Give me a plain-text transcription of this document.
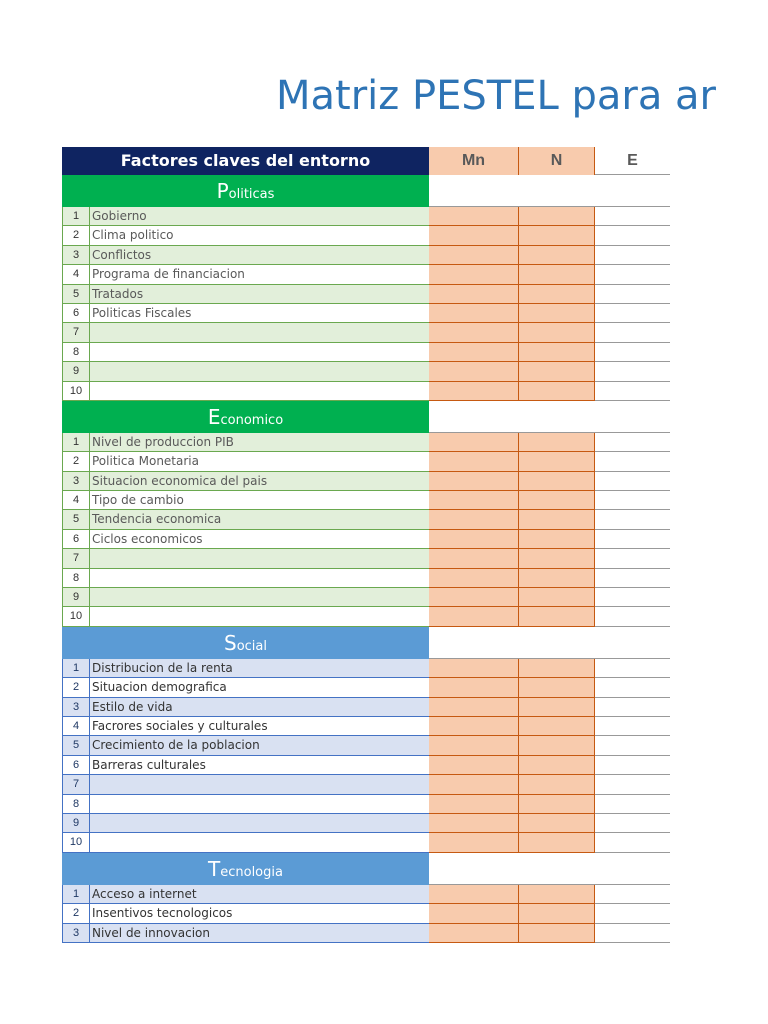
Matriz PESTEL para ar
Factores claves del entorno	Mn	N	E
Politicas
1	Gobierno
2	Clima politico
3	Conflictos
4	Programa de financiacion
5	Tratados
6	Politicas Fiscales
7
8
9
10
Economico
1	Nivel de produccion PIB
2	Politica Monetaria
3	Situacion economica del pais
4	Tipo de cambio
5	Tendencia economica
6	Ciclos economicos
7
8
9
10
Social
1	Distribucion de la renta
2	Situacion demografica
3	Estilo de vida
4	Facrores sociales y culturales
5	Crecimiento de la poblacion
6	Barreras culturales
7
8
9
10
Tecnologia
1	Acceso a internet
2	Insentivos tecnologicos
3	Nivel de innovacion
